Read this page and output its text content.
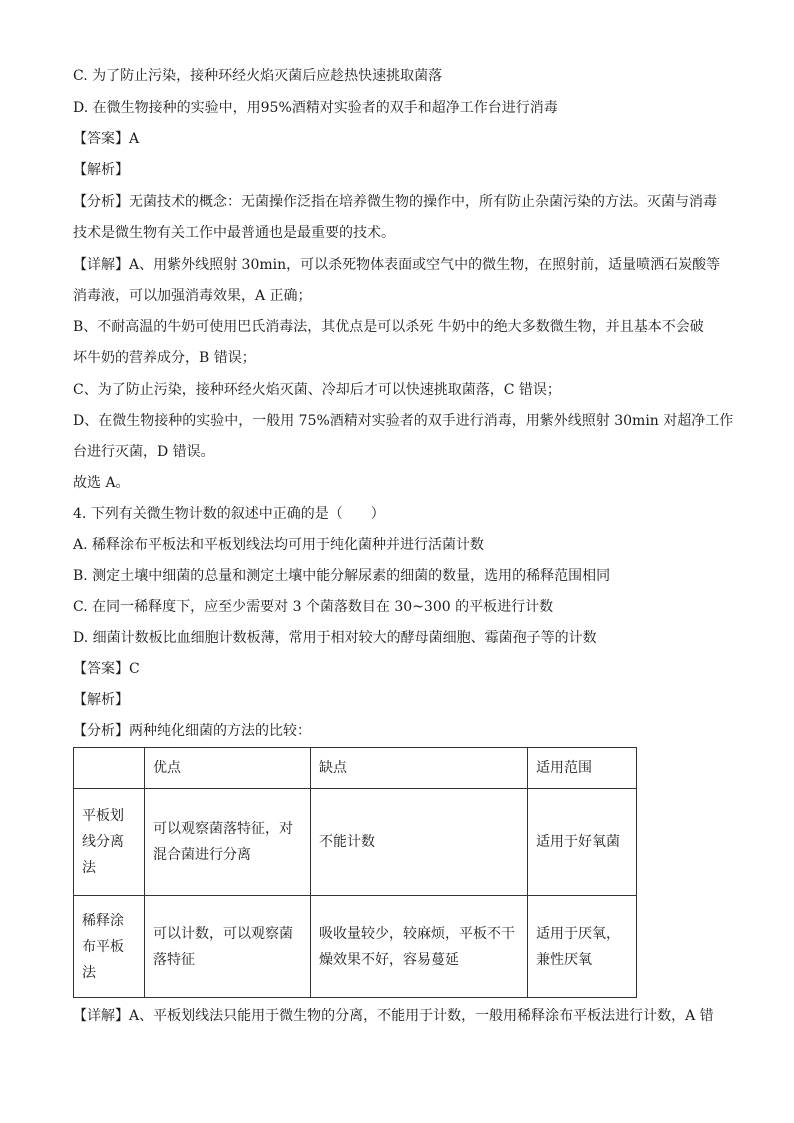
C. 为了防止污染，接种环经火焰灭菌后应趁热快速挑取菌落
D. 在微生物接种的实验中，用95%酒精对实验者的双手和超净工作台进行消毒
【答案】A
【解析】
【分析】无菌技术的概念：无菌操作泛指在培养微生物的操作中，所有防止杂菌污染的方法。灭菌与消毒
技术是微生物有关工作中最普通也是最重要的技术。
【详解】A、用紫外线照射 30min，可以杀死物体表面或空气中的微生物，在照射前，适量喷洒石炭酸等
消毒液，可以加强消毒效果，A 正确；
B、不耐高温的牛奶可使用巴氏消毒法，其优点是可以杀死 牛奶中的绝大多数微生物，并且基本不会破
坏牛奶的营养成分，B 错误；
C、为了防止污染，接种环经火焰灭菌、冷却后才可以快速挑取菌落，C 错误；
D、在微生物接种的实验中，一般用 75%酒精对实验者的双手进行消毒，用紫外线照射 30min 对超净工作
台进行灭菌，D 错误。
故选 A。
4. 下列有关微生物计数的叙述中正确的是（　　）
A. 稀释涂布平板法和平板划线法均可用于纯化菌种并进行活菌计数
B. 测定土壤中细菌的总量和测定土壤中能分解尿素的细菌的数量，选用的稀释范围相同
C. 在同一稀释度下，应至少需要对 3 个菌落数目在 30~300 的平板进行计数
D. 细菌计数板比血细胞计数板薄，常用于相对较大的酵母菌细胞、霉菌孢子等的计数
【答案】C
【解析】
【分析】两种纯化细菌的方法的比较：
	优点	缺点	适用范围
平板划线分离法	可以观察菌落特征，对混合菌进行分离	不能计数	适用于好氧菌
稀释涂布平板法	可以计数，可以观察菌落特征	吸收量较少，较麻烦，平板不干燥效果不好，容易蔓延	适用于厌氧，兼性厌氧
【详解】A、平板划线法只能用于微生物的分离，不能用于计数，一般用稀释涂布平板法进行计数，A 错
